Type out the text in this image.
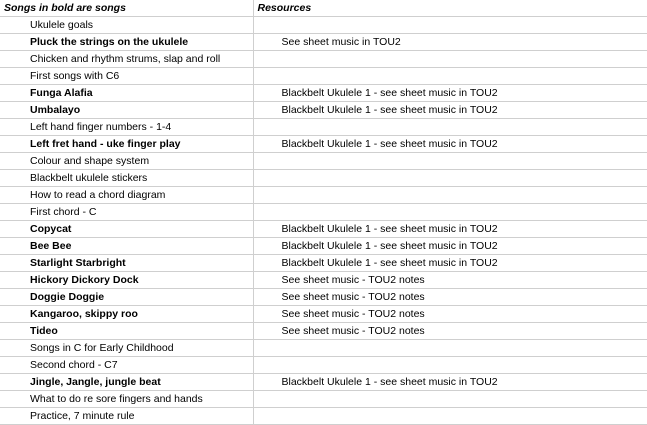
Songs in bold are songs	Resources
Ukulele goals	
Pluck the strings on the ukulele	See sheet music in TOU2
Chicken and rhythm strums, slap and roll	
First songs with C6	
Funga Alafia	Blackbelt Ukulele 1 - see sheet music in TOU2
Umbalayo	Blackbelt Ukulele 1 - see sheet music in TOU2
Left hand finger numbers - 1-4	
Left fret hand - uke finger play	Blackbelt Ukulele 1 - see sheet music in TOU2
Colour and shape system	
Blackbelt ukulele stickers	
How to read a chord diagram	
First chord - C	
Copycat	Blackbelt Ukulele 1 - see sheet music in TOU2
Bee Bee	Blackbelt Ukulele 1 - see sheet music in TOU2
Starlight Starbright	Blackbelt Ukulele 1 - see sheet music in TOU2
Hickory Dickory Dock	See sheet music - TOU2 notes
Doggie Doggie	See sheet music - TOU2 notes
Kangaroo, skippy roo	See sheet music - TOU2 notes
Tideo	See sheet music - TOU2 notes
Songs in C for Early Childhood	
Second chord - C7	
Jingle, Jangle, jungle beat	Blackbelt Ukulele 1 - see sheet music in TOU2
What to do re sore fingers and hands	
Practice, 7 minute rule	
